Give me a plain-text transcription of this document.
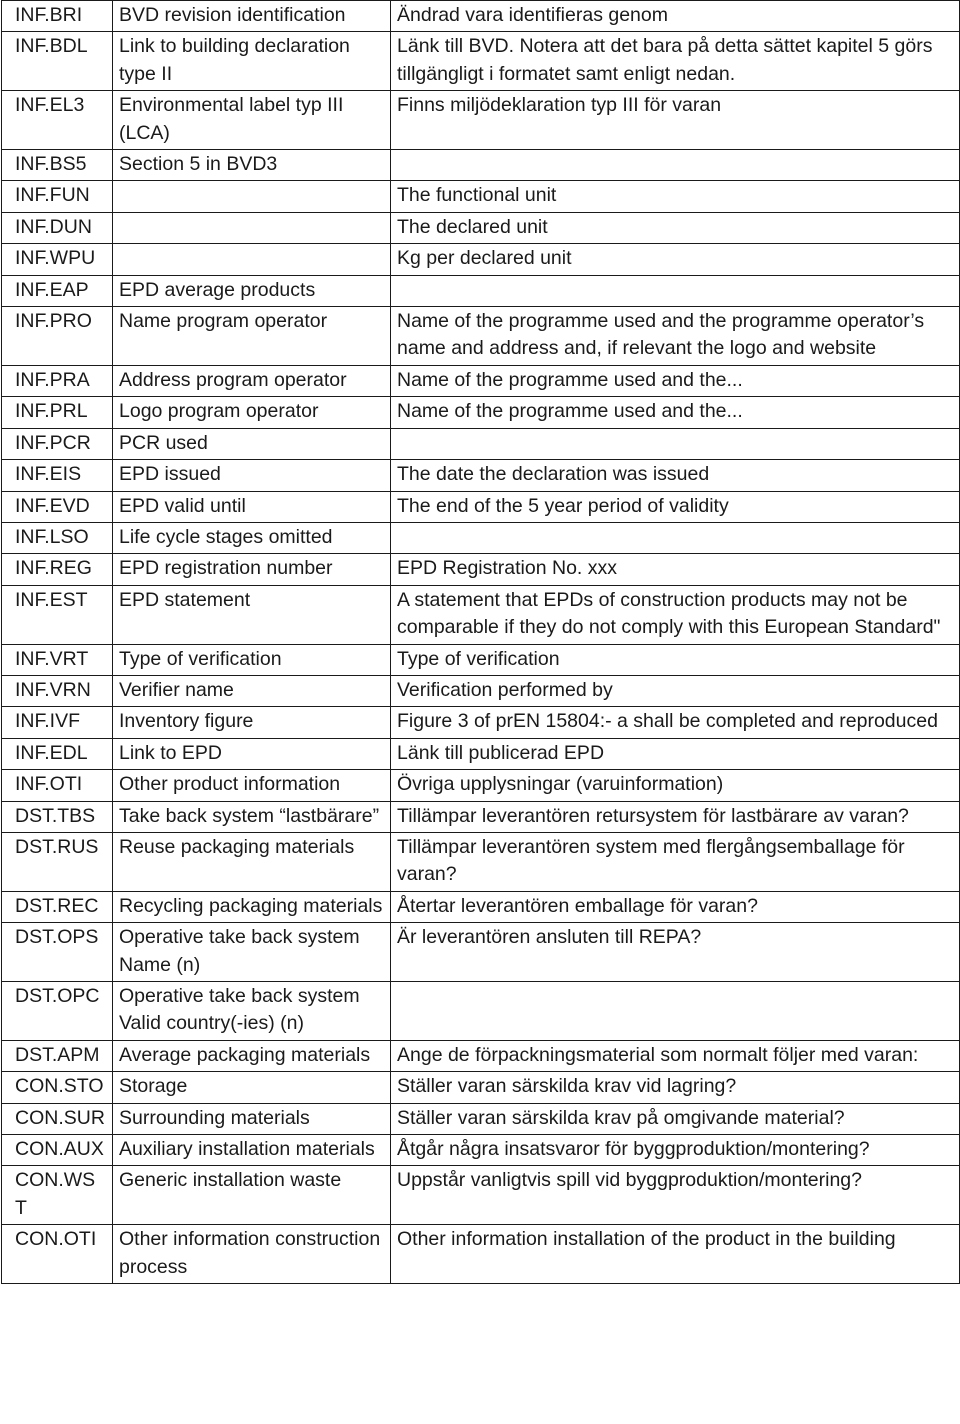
INF.BRI	BVD revision identification	Ändrad vara identifieras genom
INF.BDL	Link to building declaration type II	Länk till BVD. Notera att det bara på detta sättet kapitel 5 görs tillgängligt i formatet samt enligt nedan.
INF.EL3	Environmental label typ III (LCA)	Finns miljödeklaration typ III för varan
INF.BS5	Section 5 in BVD3	
INF.FUN		The functional unit
INF.DUN		The declared unit
INF.WPU		Kg per declared unit
INF.EAP	EPD average products	
INF.PRO	Name program operator	Name of the programme used and the programme operator’s name and address and, if relevant the logo and website
INF.PRA	Address program operator	Name of the programme used and the...
INF.PRL	Logo program operator	Name of the programme used and the...
INF.PCR	PCR used	
INF.EIS	EPD issued	The date the declaration was issued
INF.EVD	EPD valid until	The end of the 5 year period of validity
INF.LSO	Life cycle stages omitted	
INF.REG	EPD registration number	EPD Registration No. xxx
INF.EST	EPD statement	A statement that EPDs of construction products may not be comparable if they do not comply with this European Standard"
INF.VRT	Type of verification	Type of verification
INF.VRN	Verifier name	Verification performed by
INF.IVF	Inventory figure	Figure 3 of prEN 15804:- a shall be completed and reproduced
INF.EDL	Link to EPD	Länk till publicerad EPD
INF.OTI	Other product information	Övriga upplysningar (varuinformation)
DST.TBS	Take back system “lastbärare”	Tillämpar leverantören retursystem för lastbärare av varan?
DST.RUS	Reuse packaging materials	Tillämpar leverantören system med flergångsemballage för varan?
DST.REC	Recycling packaging materials	Återtar leverantören emballage för varan?
DST.OPS	Operative take back system Name (n)	Är leverantören ansluten till REPA?
DST.OPC	Operative take back system Valid country(-ies) (n)	
DST.APM	Average packaging materials	Ange de förpackningsmaterial som normalt följer med varan:
CON.STO	Storage	Ställer varan särskilda krav vid lagring?
CON.SUR	Surrounding materials	Ställer varan särskilda krav på omgivande material?
CON.AUX	Auxiliary installation materials	Åtgår några insatsvaror för byggproduktion/montering?
CON.WST	Generic installation waste	Uppstår vanligtvis spill vid byggproduktion/montering?
CON.OTI	Other information construction process	Other information installation of the product in the building
